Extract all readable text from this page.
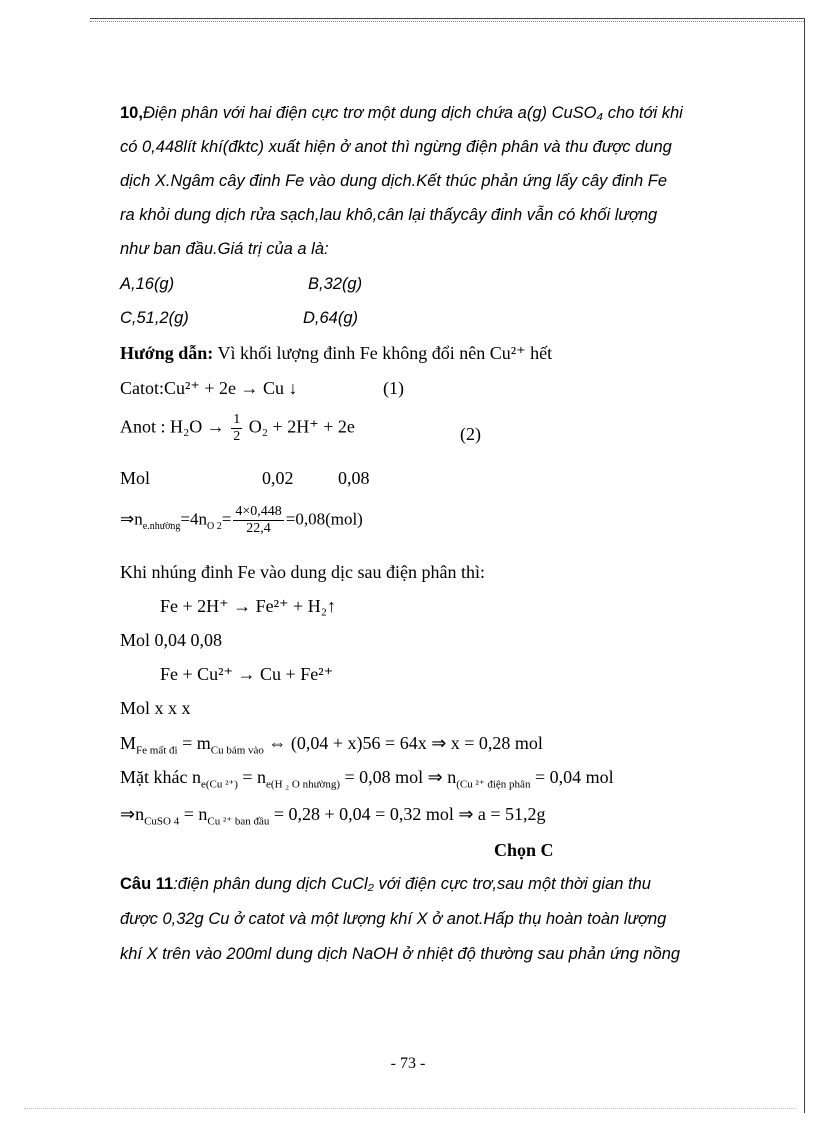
10,Điện phân với hai điện cực trơ một dung dịch chứa a(g) CuSO₄ cho tới khi
có 0,448lít khí(đktc) xuất hiện ở anot thì ngừng điện phân và thu được dung
dịch X.Ngâm cây đinh Fe vào dung dịch.Kết thúc phản ứng lấy cây đinh Fe
ra khỏi dung dịch rửa sạch,lau khô,cân lại thấycây đinh vẫn có khối lượng
như ban đầu.Giá trị của a là:
A,16(g)	B,32(g)
C,51,2(g)	D,64(g)
Hướng dẫn: Vì khối lượng đinh Fe không đổi nên Cu²⁺ hết
Catot:Cu²⁺ + 2e → Cu ↓	(1)
Anot : $H_2O \to \frac{1}{2} O_2 + 2H^+ + 2e$	(2)
Mol	0,02 0,08
$\Rightarrow n_{e.nhường}=4n_{O 2}= \frac{4\times 0,448}{22,4} =0,08(mol)$
Khi nhúng đinh Fe vào dung dịc sau điện phân thì:
Fe + 2H⁺ → Fe²⁺ + H₂↑
Mol 0,04 0,08
Fe + Cu²⁺ → Cu + Fe²⁺
Mol x x x
$M_{Fe mất đi} = m_{Cu bám vào}$ ⇔ (0,04 + x)56 = 64x ⇒ x = 0,28 mol
Mặt khác $n_{e(Cu ^{2+})} = n_{e(H _2 O nhường)} = 0,08$ mol ⇒ $n_{(Cu ^{2+} điện phân} = 0,04$ mol
$\Rightarrow n_{CuSO 4} = n_{Cu ^{2+} ban đầu} = 0,28 + 0,04 = 0,32$ mol ⇒ a = 51,2g
Chọn C
Câu 11:điện phân dung dịch CuCl₂ với điện cực trơ,sau một thời gian thu
được 0,32g Cu ở catot và một lượng khí X ở anot.Hấp thụ hoàn toàn lượng
khí X trên vào 200ml dung dịch NaOH ở nhiệt độ thường sau phản ứng nồng
- 73 -
